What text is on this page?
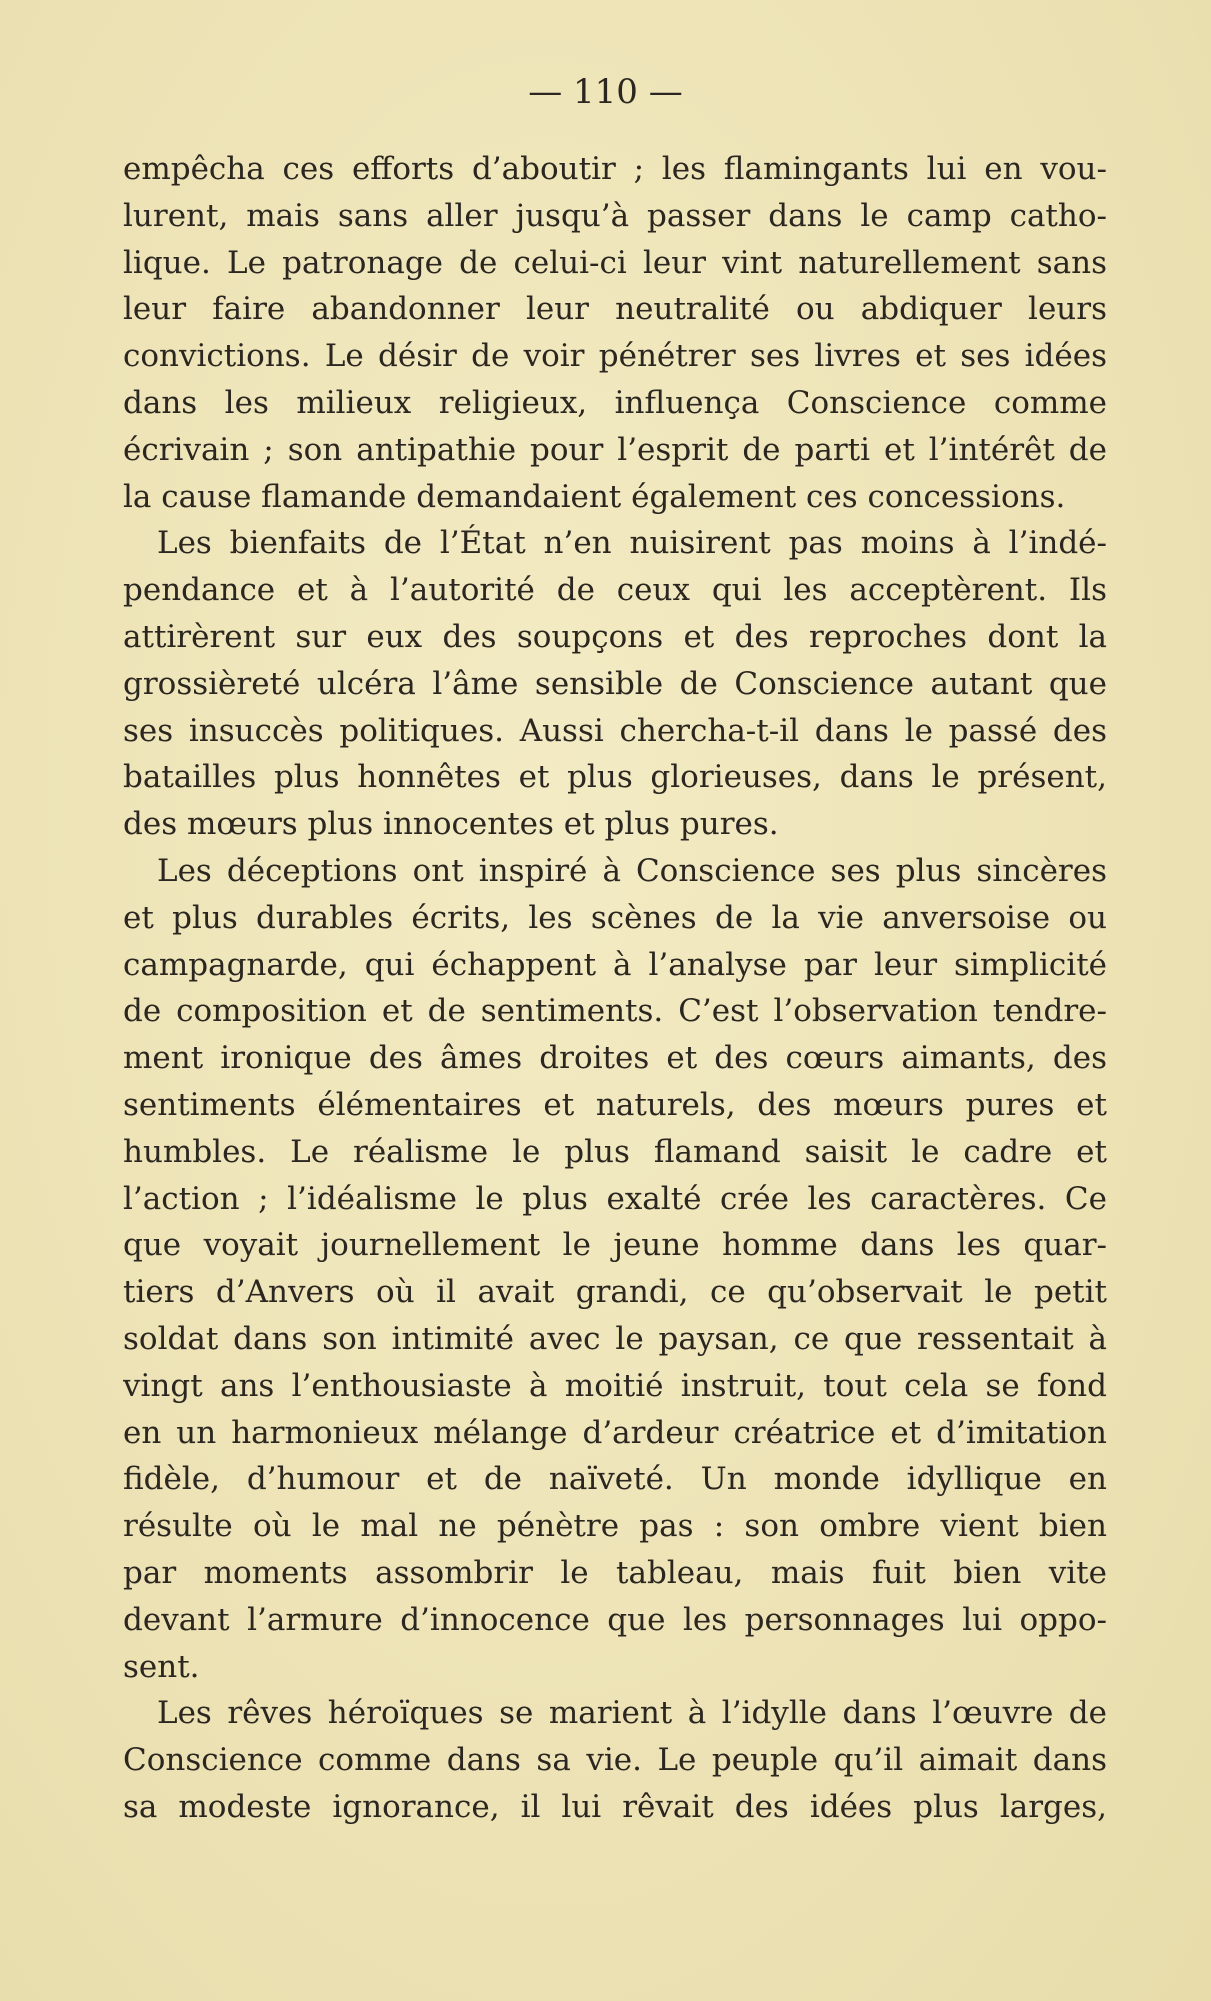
— 110 —
empêcha ces efforts d’aboutir ; les flamingants lui en vou-
lurent, mais sans aller jusqu’à passer dans le camp catho-
lique. Le patronage de celui-ci leur vint naturellement sans
leur faire abandonner leur neutralité ou abdiquer leurs
convictions. Le désir de voir pénétrer ses livres et ses idées
dans les milieux religieux, influença Conscience comme
écrivain ; son antipathie pour l’esprit de parti et l’intérêt de
la cause flamande demandaient également ces concessions.
Les bienfaits de l’État n’en nuisirent pas moins à l’indé-
pendance et à l’autorité de ceux qui les acceptèrent. Ils
attirèrent sur eux des soupçons et des reproches dont la
grossièreté ulcéra l’âme sensible de Conscience autant que
ses insuccès politiques. Aussi chercha-t-il dans le passé des
batailles plus honnêtes et plus glorieuses, dans le présent,
des mœurs plus innocentes et plus pures.
Les déceptions ont inspiré à Conscience ses plus sincères
et plus durables écrits, les scènes de la vie anversoise ou
campagnarde, qui échappent à l’analyse par leur simplicité
de composition et de sentiments. C’est l’observation tendre-
ment ironique des âmes droites et des cœurs aimants, des
sentiments élémentaires et naturels, des mœurs pures et
humbles. Le réalisme le plus flamand saisit le cadre et
l’action ; l’idéalisme le plus exalté crée les caractères. Ce
que voyait journellement le jeune homme dans les quar-
tiers d’Anvers où il avait grandi, ce qu’observait le petit
soldat dans son intimité avec le paysan, ce que ressentait à
vingt ans l’enthousiaste à moitié instruit, tout cela se fond
en un harmonieux mélange d’ardeur créatrice et d’imitation
fidèle, d’humour et de naïveté. Un monde idyllique en
résulte où le mal ne pénètre pas : son ombre vient bien
par moments assombrir le tableau, mais fuit bien vite
devant l’armure d’innocence que les personnages lui oppo-
sent.
Les rêves héroïques se marient à l’idylle dans l’œuvre de
Conscience comme dans sa vie. Le peuple qu’il aimait dans
sa modeste ignorance, il lui rêvait des idées plus larges,
